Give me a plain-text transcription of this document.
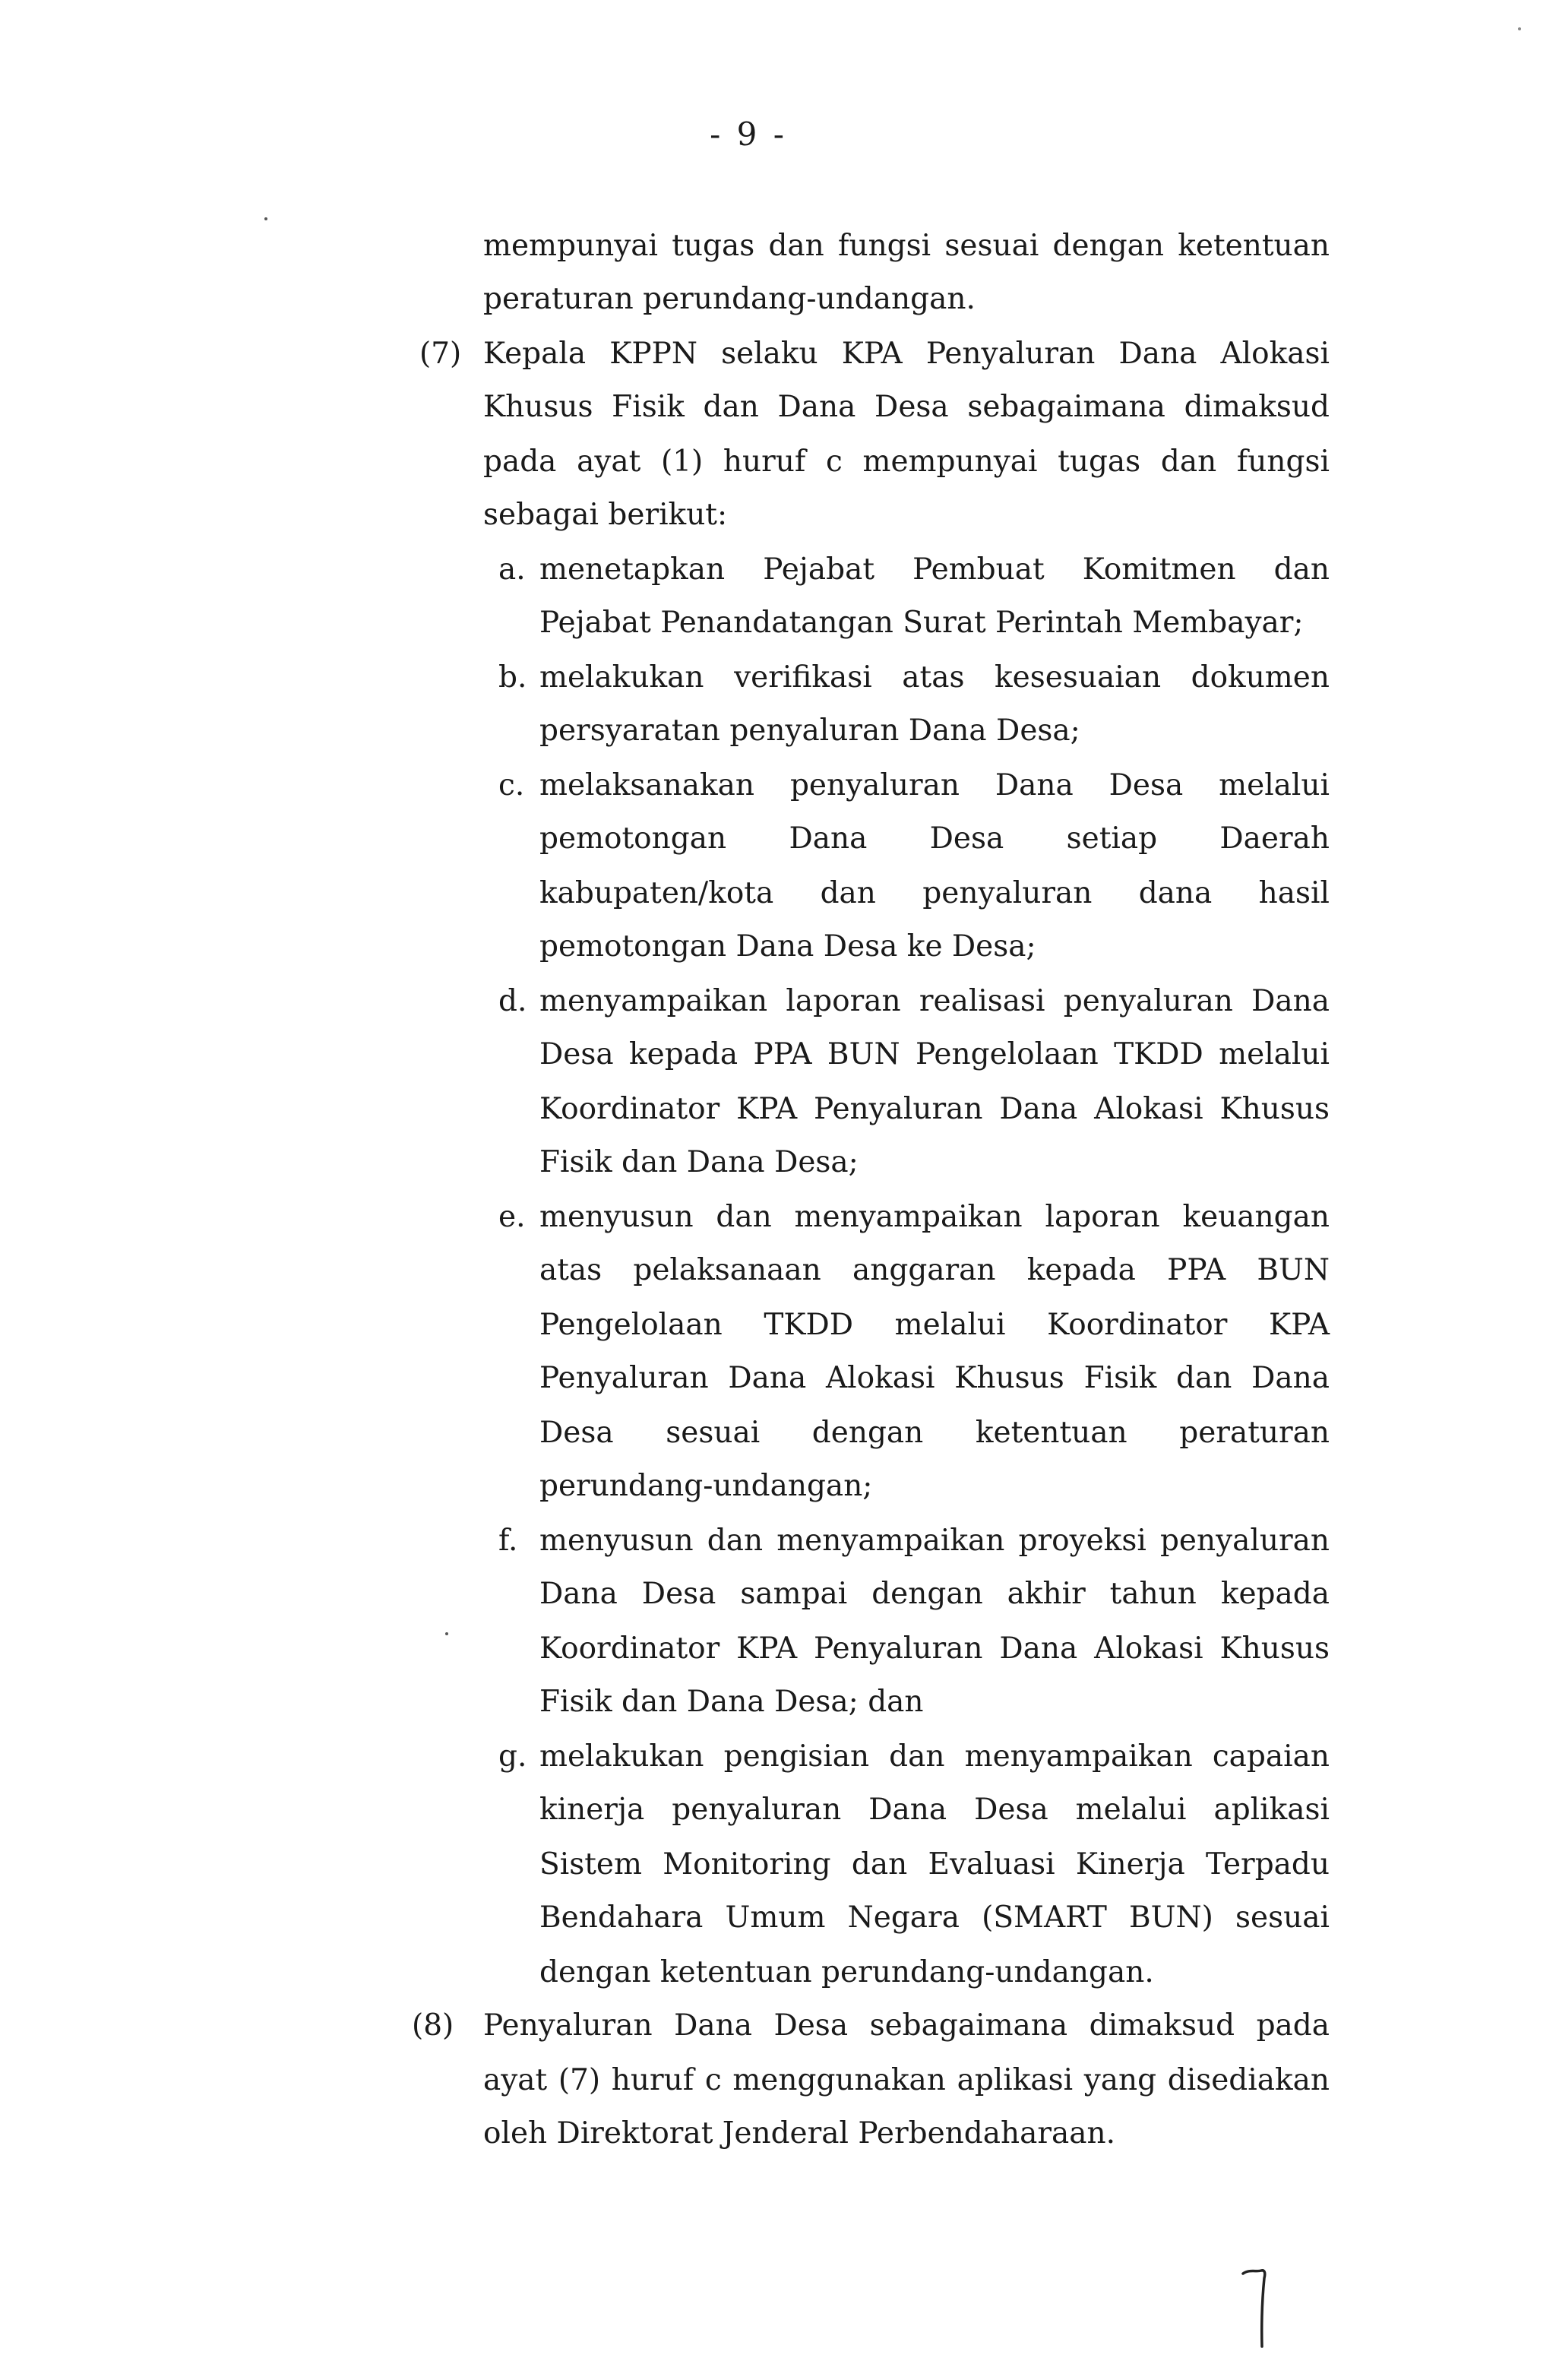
- 9 -
mempunyai tugas dan fungsi sesuai dengan ketentuan
peraturan perundang-undangan.
(7) Kepala KPPN selaku KPA Penyaluran Dana Alokasi
Khusus Fisik dan Dana Desa sebagaimana dimaksud
pada ayat (1) huruf c mempunyai tugas dan fungsi
sebagai berikut:
a. menetapkan Pejabat Pembuat Komitmen dan
Pejabat Penandatangan Surat Perintah Membayar;
b. melakukan verifikasi atas kesesuaian dokumen
persyaratan penyaluran Dana Desa;
c. melaksanakan penyaluran Dana Desa melalui
pemotongan Dana Desa setiap Daerah
kabupaten/kota dan penyaluran dana hasil
pemotongan Dana Desa ke Desa;
d. menyampaikan laporan realisasi penyaluran Dana
Desa kepada PPA BUN Pengelolaan TKDD melalui
Koordinator KPA Penyaluran Dana Alokasi Khusus
Fisik dan Dana Desa;
e. menyusun dan menyampaikan laporan keuangan
atas pelaksanaan anggaran kepada PPA BUN
Pengelolaan TKDD melalui Koordinator KPA
Penyaluran Dana Alokasi Khusus Fisik dan Dana
Desa sesuai dengan ketentuan peraturan
perundang-undangan;
f. menyusun dan menyampaikan proyeksi penyaluran
Dana Desa sampai dengan akhir tahun kepada
Koordinator KPA Penyaluran Dana Alokasi Khusus
Fisik dan Dana Desa; dan
g. melakukan pengisian dan menyampaikan capaian
kinerja penyaluran Dana Desa melalui aplikasi
Sistem Monitoring dan Evaluasi Kinerja Terpadu
Bendahara Umum Negara (SMART BUN) sesuai
dengan ketentuan perundang-undangan.
(8) Penyaluran Dana Desa sebagaimana dimaksud pada
ayat (7) huruf c menggunakan aplikasi yang disediakan
oleh Direktorat Jenderal Perbendaharaan.
